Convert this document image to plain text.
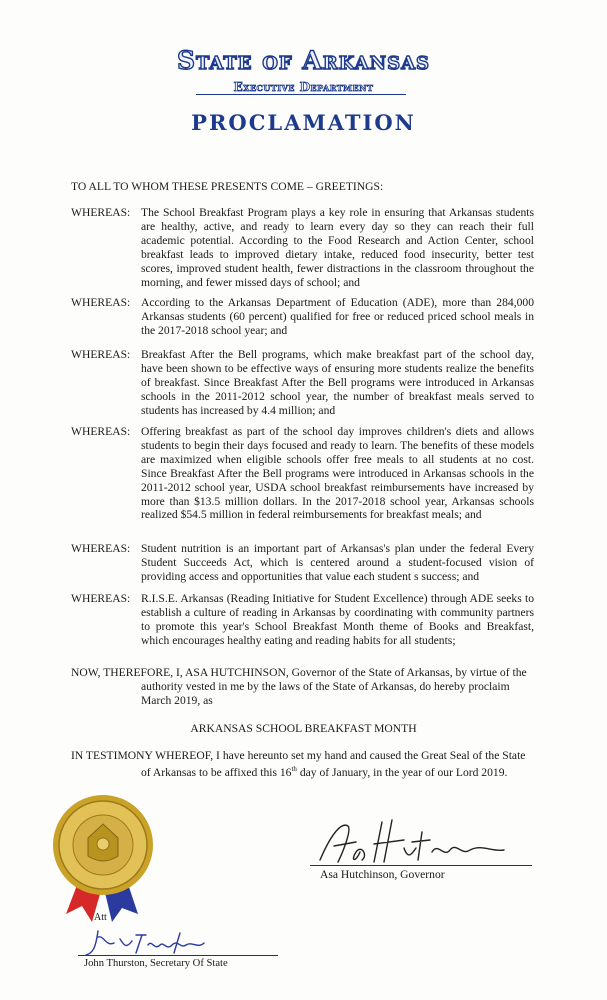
State of Arkansas
Executive Department
PROCLAMATION
TO ALL TO WHOM THESE PRESENTS COME – GREETINGS:
WHEREAS: The School Breakfast Program plays a key role in ensuring that Arkansas students are healthy, active, and ready to learn every day so they can reach their full academic potential. According to the Food Research and Action Center, school breakfast leads to improved dietary intake, reduced food insecurity, better test scores, improved student health, fewer distractions in the classroom throughout the morning, and fewer missed days of school; and
WHEREAS: According to the Arkansas Department of Education (ADE), more than 284,000 Arkansas students (60 percent) qualified for free or reduced priced school meals in the 2017-2018 school year; and
WHEREAS: Breakfast After the Bell programs, which make breakfast part of the school day, have been shown to be effective ways of ensuring more students realize the benefits of breakfast. Since Breakfast After the Bell programs were introduced in Arkansas schools in the 2011-2012 school year, the number of breakfast meals served to students has increased by 4.4 million; and
WHEREAS: Offering breakfast as part of the school day improves children's diets and allows students to begin their days focused and ready to learn. The benefits of these models are maximized when eligible schools offer free meals to all students at no cost. Since Breakfast After the Bell programs were introduced in Arkansas schools in the 2011-2012 school year, USDA school breakfast reimbursements have increased by more than $13.5 million dollars. In the 2017-2018 school year, Arkansas schools realized $54.5 million in federal reimbursements for breakfast meals; and
WHEREAS: Student nutrition is an important part of Arkansas's plan under the federal Every Student Succeeds Act, which is centered around a student-focused vision of providing access and opportunities that value each student s success; and
WHEREAS: R.I.S.E. Arkansas (Reading Initiative for Student Excellence) through ADE seeks to establish a culture of reading in Arkansas by coordinating with community partners to promote this year's School Breakfast Month theme of Books and Breakfast, which encourages healthy eating and reading habits for all students;
NOW, THEREFORE, I, ASA HUTCHINSON, Governor of the State of Arkansas, by virtue of the authority vested in me by the laws of the State of Arkansas, do hereby proclaim March 2019, as
ARKANSAS SCHOOL BREAKFAST MONTH
IN TESTIMONY WHEREOF, I have hereunto set my hand and caused the Great Seal of the State of Arkansas to be affixed this 16th day of January, in the year of our Lord 2019.
Att
Asa Hutchinson, Governor
John Thurston, Secretary Of State
